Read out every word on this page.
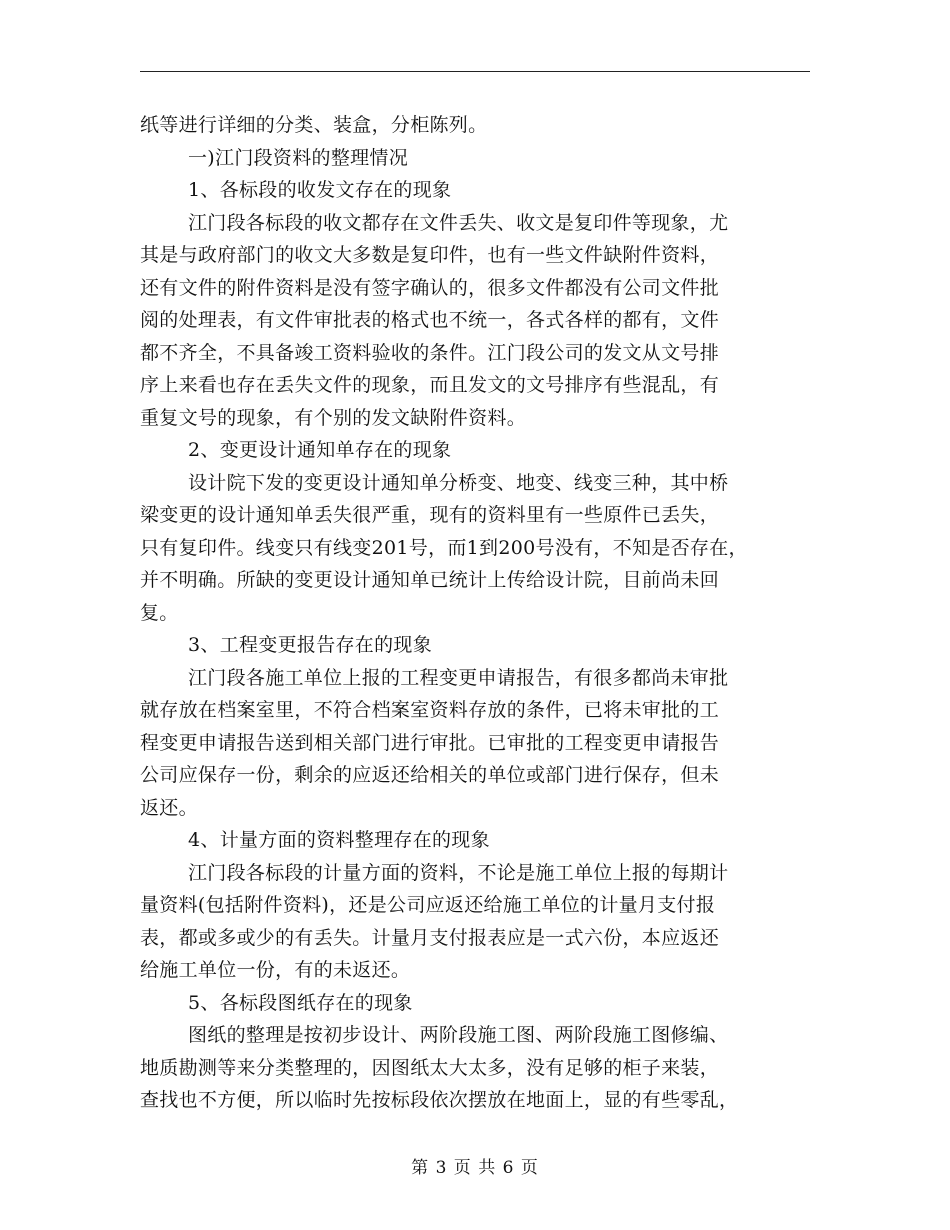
纸等进行详细的分类、装盒，分柜陈列。
一)江门段资料的整理情况
1、各标段的收发文存在的现象
江门段各标段的收文都存在文件丢失、收文是复印件等现象，尤
其是与政府部门的收文大多数是复印件，也有一些文件缺附件资料，
还有文件的附件资料是没有签字确认的，很多文件都没有公司文件批
阅的处理表，有文件审批表的格式也不统一，各式各样的都有，文件
都不齐全，不具备竣工资料验收的条件。江门段公司的发文从文号排
序上来看也存在丢失文件的现象，而且发文的文号排序有些混乱，有
重复文号的现象，有个别的发文缺附件资料。
2、变更设计通知单存在的现象
设计院下发的变更设计通知单分桥变、地变、线变三种，其中桥
梁变更的设计通知单丢失很严重，现有的资料里有一些原件已丢失，
只有复印件。线变只有线变201号，而1到200号没有，不知是否存在，
并不明确。所缺的变更设计通知单已统计上传给设计院，目前尚未回
复。
3、工程变更报告存在的现象
江门段各施工单位上报的工程变更申请报告，有很多都尚未审批
就存放在档案室里，不符合档案室资料存放的条件，已将未审批的工
程变更申请报告送到相关部门进行审批。已审批的工程变更申请报告
公司应保存一份，剩余的应返还给相关的单位或部门进行保存，但未
返还。
4、计量方面的资料整理存在的现象
江门段各标段的计量方面的资料，不论是施工单位上报的每期计
量资料(包括附件资料)，还是公司应返还给施工单位的计量月支付报
表，都或多或少的有丢失。计量月支付报表应是一式六份，本应返还
给施工单位一份，有的未返还。
5、各标段图纸存在的现象
图纸的整理是按初步设计、两阶段施工图、两阶段施工图修编、
地质勘测等来分类整理的，因图纸太大太多，没有足够的柜子来装，
查找也不方便，所以临时先按标段依次摆放在地面上，显的有些零乱，
第 3 页 共 6 页
